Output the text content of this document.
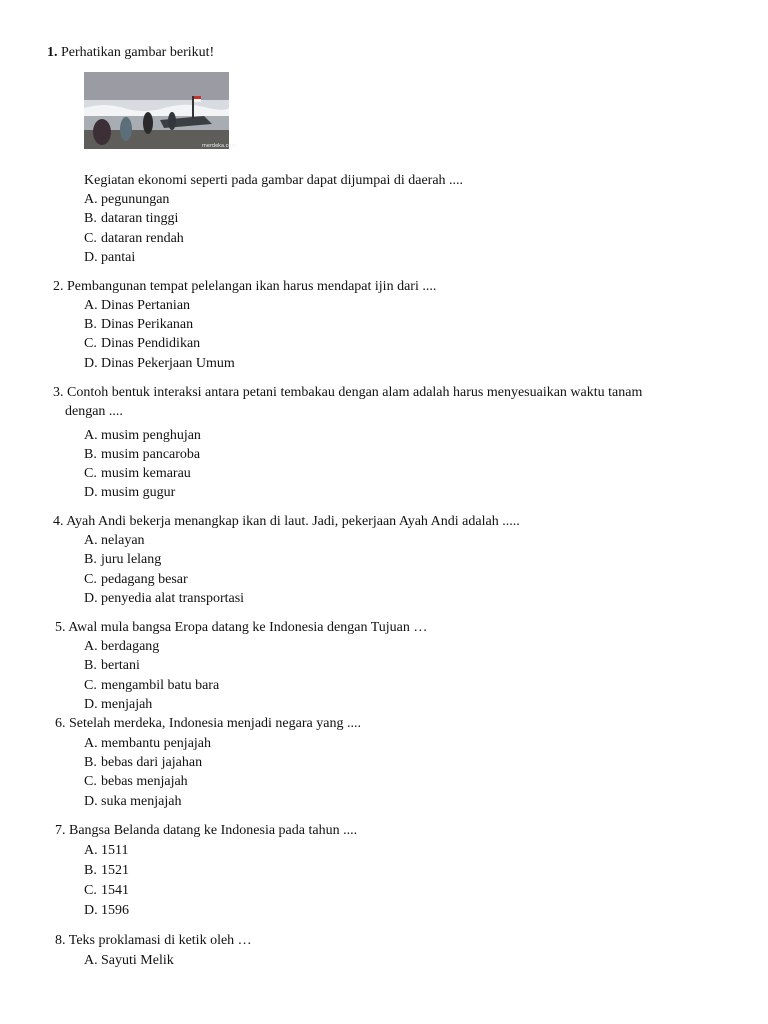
1. Perhatikan gambar berikut!
merdeka.com
Kegiatan ekonomi seperti pada gambar dapat dijumpai di daerah ....
A. pegunungan
B. dataran tinggi
C. dataran rendah
D. pantai
2. Pembangunan tempat pelelangan ikan harus mendapat ijin dari ....
A. Dinas Pertanian
B. Dinas Perikanan
C. Dinas Pendidikan
D. Dinas Pekerjaan Umum
3. Contoh bentuk interaksi antara petani tembakau dengan alam adalah harus menyesuaikan waktu tanam
dengan ....
A. musim penghujan
B. musim pancaroba
C. musim kemarau
D. musim gugur
4. Ayah Andi bekerja menangkap ikan di laut. Jadi, pekerjaan Ayah Andi adalah .....
A. nelayan
B. juru lelang
C. pedagang besar
D. penyedia alat transportasi
5. Awal mula bangsa Eropa datang ke Indonesia dengan Tujuan …
A. berdagang
B. bertani
C. mengambil batu bara
D. menjajah
6. Setelah merdeka, Indonesia menjadi negara yang ....
A. membantu penjajah
B. bebas dari jajahan
C. bebas menjajah
D. suka menjajah
7. Bangsa Belanda datang ke Indonesia pada tahun ....
A. 1511
B. 1521
C. 1541
D. 1596
8. Teks proklamasi di ketik oleh …
A. Sayuti Melik
